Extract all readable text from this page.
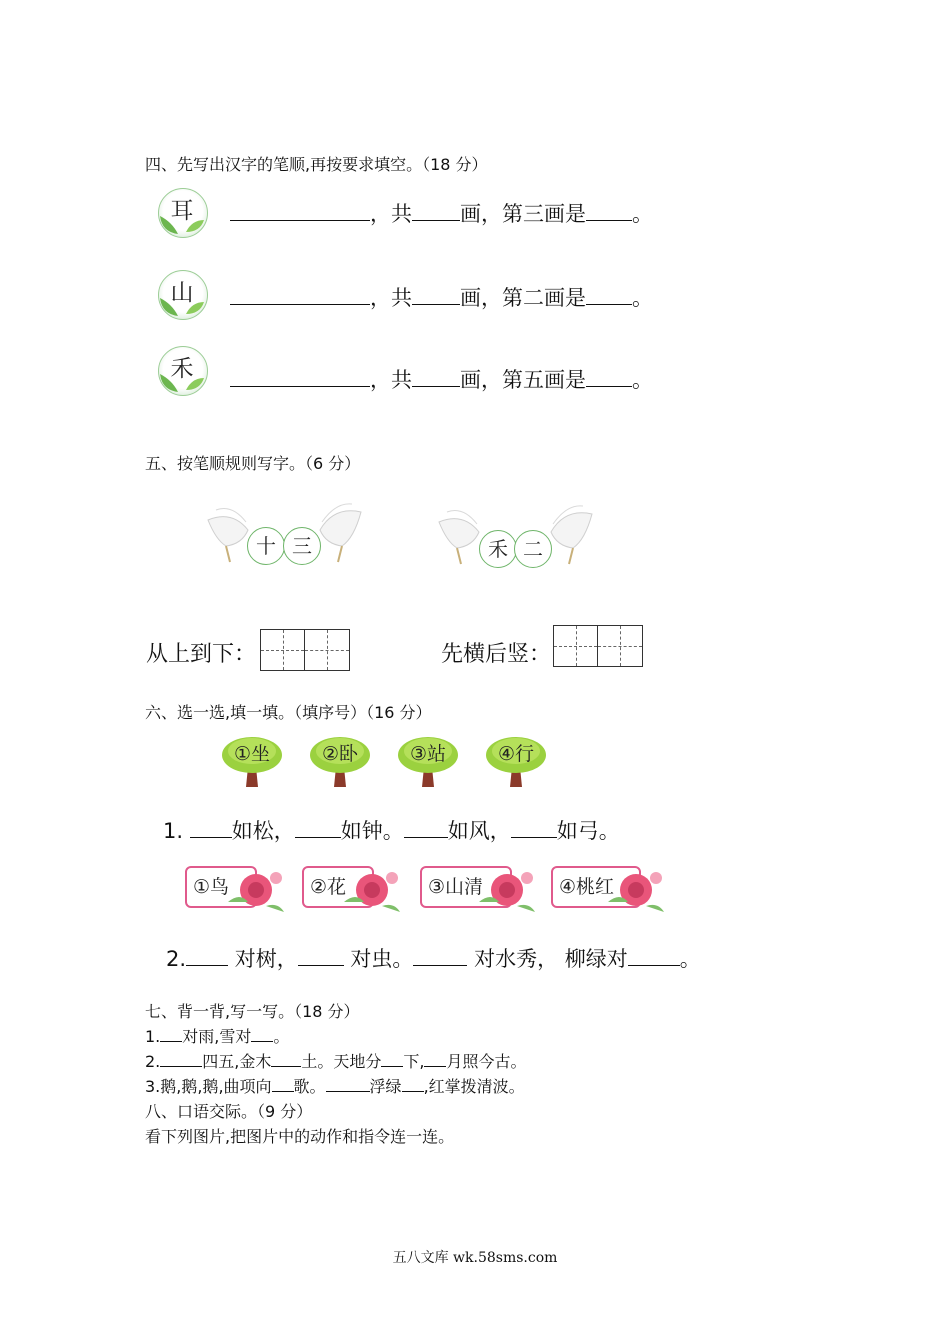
四、先写出汉字的笔顺,再按要求填空。（18 分）
耳	，共 画，第三画是 。
山	，共 画，第二画是 。
禾	，共 画，第五画是 。
五、按笔顺规则写字。（6 分）
十 三	禾 二
从上到下：	先横后竖：
六、选一选,填一填。（填序号）（16 分）
①坐	②卧	③站	④行
1. 如松， 如钟。 如风， 如弓。
①鸟	②花	③山清	④桃红
2. 对树，	对虫。	对水秀， 柳绿对 。
七、背一背,写一写。（18 分）
1. 对雨,雪对 。
2.	四五,金木 土。天地分 下, 月照今古。
3.鹅,鹅,鹅,曲项向 歌。	浮绿 ,红掌拨清波。
八、口语交际。（9 分）
看下列图片,把图片中的动作和指令连一连。
五八文库 wk.58sms.com
